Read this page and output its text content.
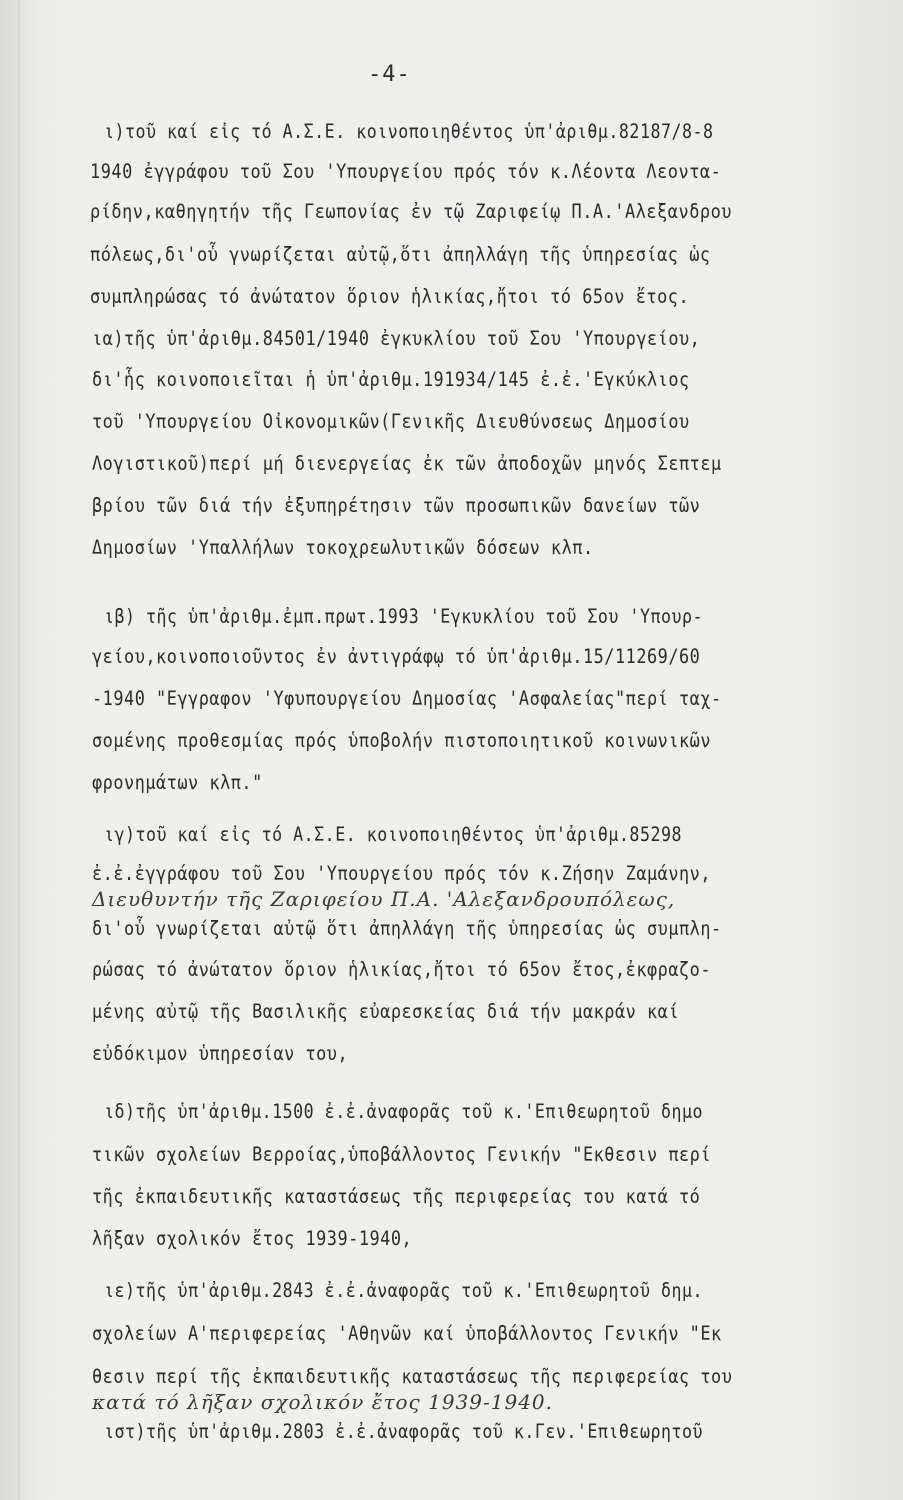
-4-
ι)τοῦ καί εἰς τό Α.Σ.Ε. κοινοποιηθέντος ὑπ'ἀριθμ.82187/8-8
1940 ἐγγράφου τοῦ Σου 'Υπουργείου πρός τόν κ.Λέοντα Λεοντα-
ρίδην,καθηγητήν τῆς Γεωπονίας ἐν τῷ Ζαριφείῳ Π.Α.'Αλεξανδρου
πόλεως,δι'οὗ γνωρίζεται αὐτῷ,ὅτι ἀπηλλάγη τῆς ὑπηρεσίας ὡς
συμπληρώσας τό ἀνώτατον ὅριον ἡλικίας,ἤτοι τό 65ον ἔτος.
ια)τῆς ὑπ'ἀριθμ.84501/1940 ἐγκυκλίου τοῦ Σου 'Υπουργείου,
δι'ἧς κοινοποιεῖται ἡ ὑπ'ἀριθμ.191934/145 ἐ.ἐ.'Εγκύκλιος
τοῦ 'Υπουργείου Οἰκονομικῶν(Γενικῆς Διευθύνσεως Δημοσίου
Λογιστικοῦ)περί μή διενεργείας ἐκ τῶν ἀποδοχῶν μηνός Σεπτεμ
βρίου τῶν διά τήν ἐξυπηρέτησιν τῶν προσωπικῶν δανείων τῶν
Δημοσίων 'Υπαλλήλων τοκοχρεωλυτικῶν δόσεων κλπ.
ιβ) τῆς ὑπ'ἀριθμ.ἐμπ.πρωτ.1993 'Εγκυκλίου τοῦ Σου 'Υπουρ-
γείου,κοινοποιοῦντος ἐν ἀντιγράφῳ τό ὑπ'ἀριθμ.15/11269/60
-1940 "Εγγραφον 'Υφυπουργείου Δημοσίας 'Ασφαλείας"περί ταχ-
σομένης προθεσμίας πρός ὑποβολήν πιστοποιητικοῦ κοινωνικῶν
φρονημάτων κλπ."
ιγ)τοῦ καί εἰς τό Α.Σ.Ε. κοινοποιηθέντος ὑπ'ἀριθμ.85298
ἐ.ἐ.ἐγγράφου τοῦ Σου 'Υπουργείου πρός τόν κ.Ζήσην Ζαμάνην,
Διευθυντήν τῆς Ζαριφείου Π.Α. 'Αλεξανδρουπόλεως,
δι'οὗ γνωρίζεται αὐτῷ ὅτι ἀπηλλάγη τῆς ὑπηρεσίας ὡς συμπλη-
ρώσας τό ἀνώτατον ὅριον ἡλικίας,ἤτοι τό 65ον ἔτος,ἐκφραζο-
μένης αὐτῷ τῆς Βασιλικῆς εὐαρεσκείας διά τήν μακράν καί
εὐδόκιμον ὑπηρεσίαν του,
ιδ)τῆς ὑπ'ἀριθμ.1500 ἐ.ἐ.ἀναφορᾶς τοῦ κ.'Επιθεωρητοῦ δημο
τικῶν σχολείων Βερροίας,ὑποβάλλοντος Γενικήν "Εκθεσιν περί
τῆς ἐκπαιδευτικῆς καταστάσεως τῆς περιφερείας του κατά τό
λῆξαν σχολικόν ἔτος 1939-1940,
ιε)τῆς ὑπ'ἀριθμ.2843 ἐ.ἐ.ἀναφορᾶς τοῦ κ.'Επιθεωρητοῦ δημ.
σχολείων Α'περιφερείας 'Αθηνῶν καί ὑποβάλλοντος Γενικήν "Εκ
θεσιν περί τῆς ἐκπαιδευτικῆς καταστάσεως τῆς περιφερείας του
κατά τό λῆξαν σχολικόν ἔτος 1939-1940.
ιστ)τῆς ὑπ'ἀριθμ.2803 ἐ.ἐ.ἀναφορᾶς τοῦ κ.Γεν.'Επιθεωρητοῦ
